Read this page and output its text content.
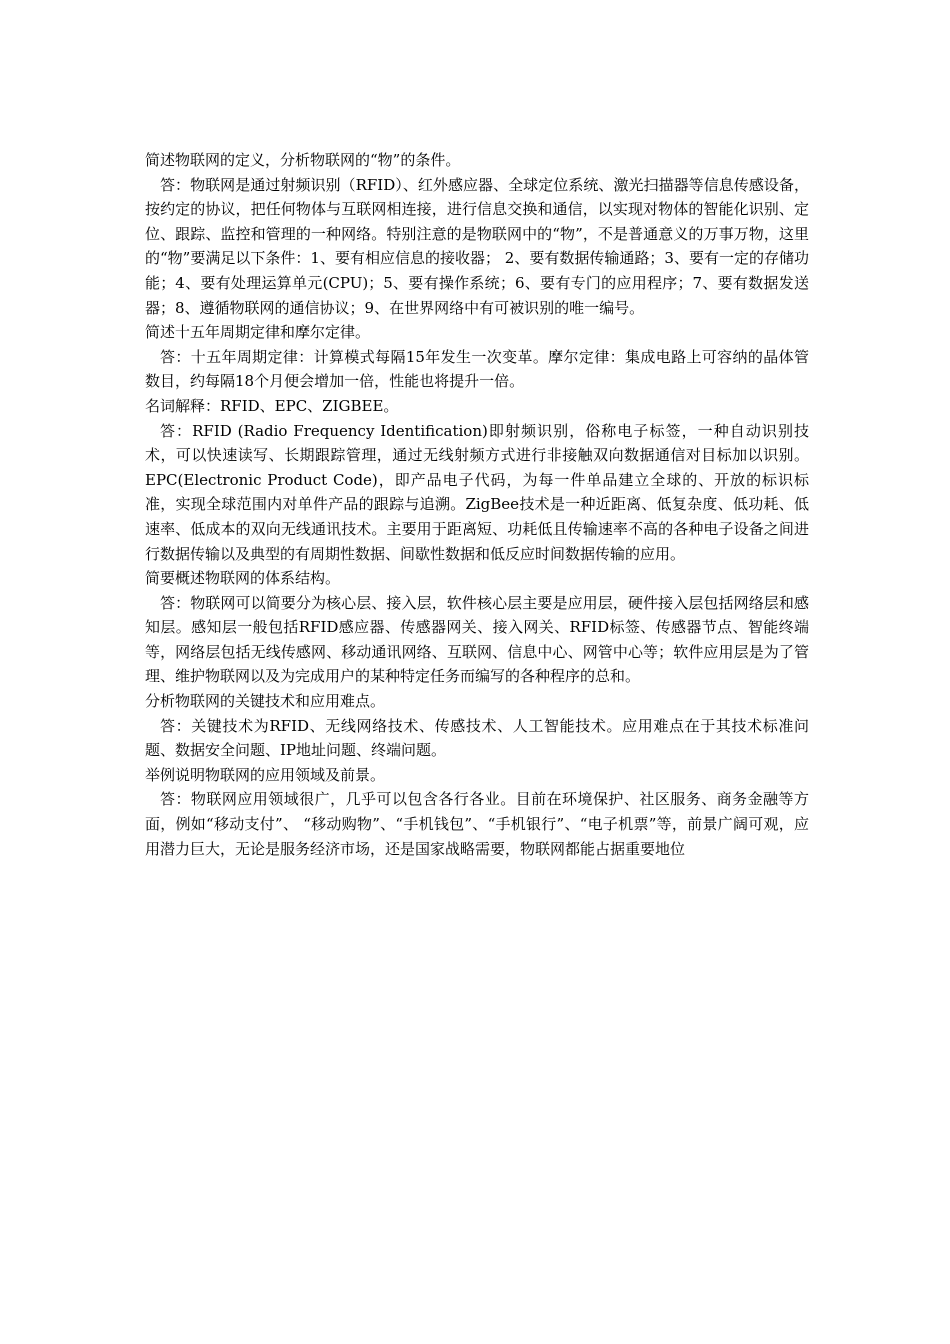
简述物联网的定义，分析物联网的“物”的条件。

答：物联网是通过射频识别（RFID）、红外感应器、全球定位系统、激光扫描器等信息传感设备，按约定的协议，把任何物体与互联网相连接，进行信息交换和通信，以实现对物体的智能化识别、定位、跟踪、监控和管理的一种网络。特别注意的是物联网中的“物”，不是普通意义的万事万物，这里的“物”要满足以下条件：1、要有相应信息的接收器； 2、要有数据传输通路；3、要有一定的存储功能；4、要有处理运算单元(CPU)；5、要有操作系统；6、要有专门的应用程序；7、要有数据发送器；8、遵循物联网的通信协议；9、在世界网络中有可被识别的唯一编号。

简述十五年周期定律和摩尔定律。

答：十五年周期定律：计算模式每隔15年发生一次变革。摩尔定律：集成电路上可容纳的晶体管数目，约每隔18个月便会增加一倍，性能也将提升一倍。

名词解释：RFID、EPC、ZIGBEE。

答：RFID (Radio Frequency Identification)即射频识别，俗称电子标签，一种自动识别技术，可以快速读写、长期跟踪管理，通过无线射频方式进行非接触双向数据通信对目标加以识别。EPC(Electronic Product Code)，即产品电子代码，为每一件单品建立全球的、开放的标识标准，实现全球范围内对单件产品的跟踪与追溯。ZigBee技术是一种近距离、低复杂度、低功耗、低速率、低成本的双向无线通讯技术。主要用于距离短、功耗低且传输速率不高的各种电子设备之间进行数据传输以及典型的有周期性数据、间歇性数据和低反应时间数据传输的应用。

简要概述物联网的体系结构。

答：物联网可以简要分为核心层、接入层，软件核心层主要是应用层，硬件接入层包括网络层和感知层。感知层一般包括RFID感应器、传感器网关、接入网关、RFID标签、传感器节点、智能终端等，网络层包括无线传感网、移动通讯网络、互联网、信息中心、网管中心等；软件应用层是为了管理、维护物联网以及为完成用户的某种特定任务而编写的各种程序的总和。

分析物联网的关键技术和应用难点。

答：关键技术为RFID、无线网络技术、传感技术、人工智能技术。应用难点在于其技术标准问题、数据安全问题、IP地址问题、终端问题。

举例说明物联网的应用领域及前景。

答：物联网应用领域很广，几乎可以包含各行各业。目前在环境保护、社区服务、商务金融等方面，例如“移动支付”、 “移动购物”、“手机钱包”、“手机银行”、“电子机票”等，前景广阔可观，应用潜力巨大，无论是服务经济市场，还是国家战略需要，物联网都能占据重要地位
